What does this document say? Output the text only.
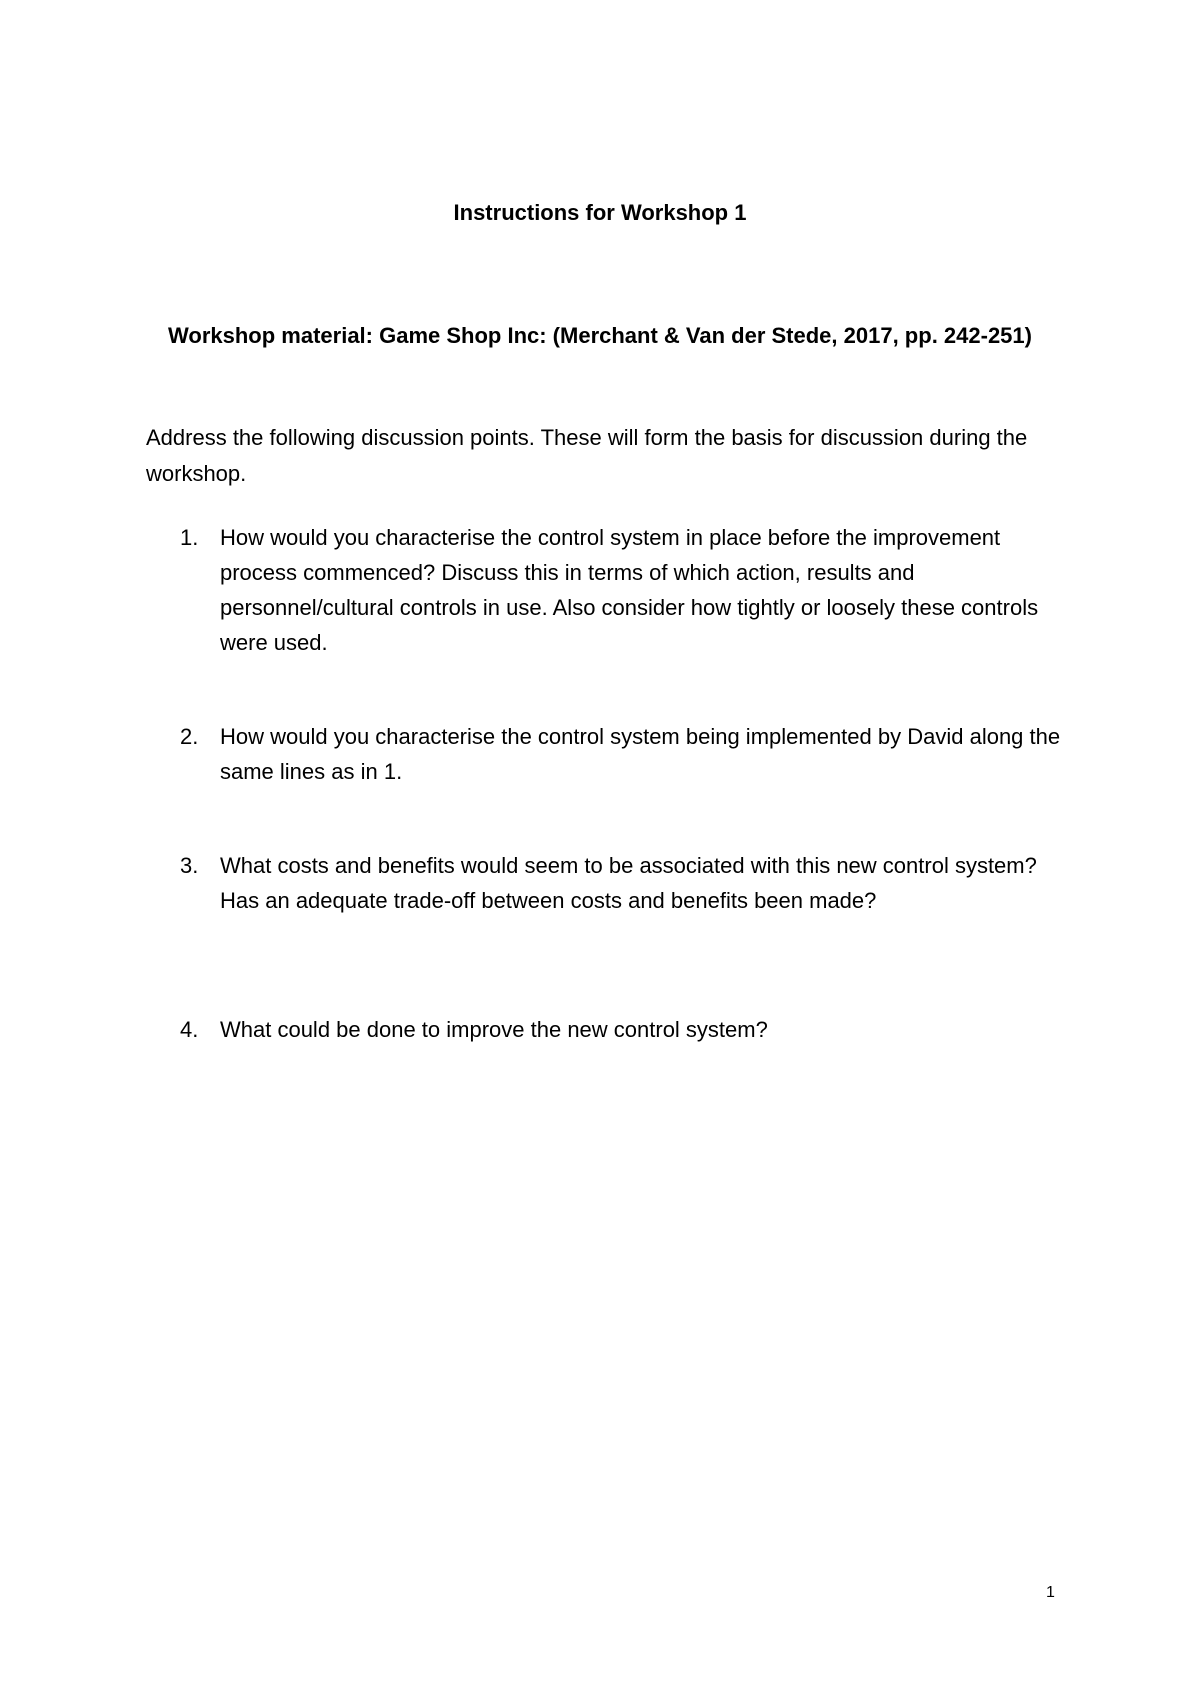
Instructions for Workshop 1
Workshop material: Game Shop Inc: (Merchant & Van der Stede, 2017, pp. 242-251)
Address the following discussion points. These will form the basis for discussion during the workshop.
1. How would you characterise the control system in place before the improvement process commenced? Discuss this in terms of which action, results and personnel/cultural controls in use. Also consider how tightly or loosely these controls were used.
2. How would you characterise the control system being implemented by David along the same lines as in 1.
3. What costs and benefits would seem to be associated with this new control system? Has an adequate trade-off between costs and benefits been made?
4. What could be done to improve the new control system?
1
